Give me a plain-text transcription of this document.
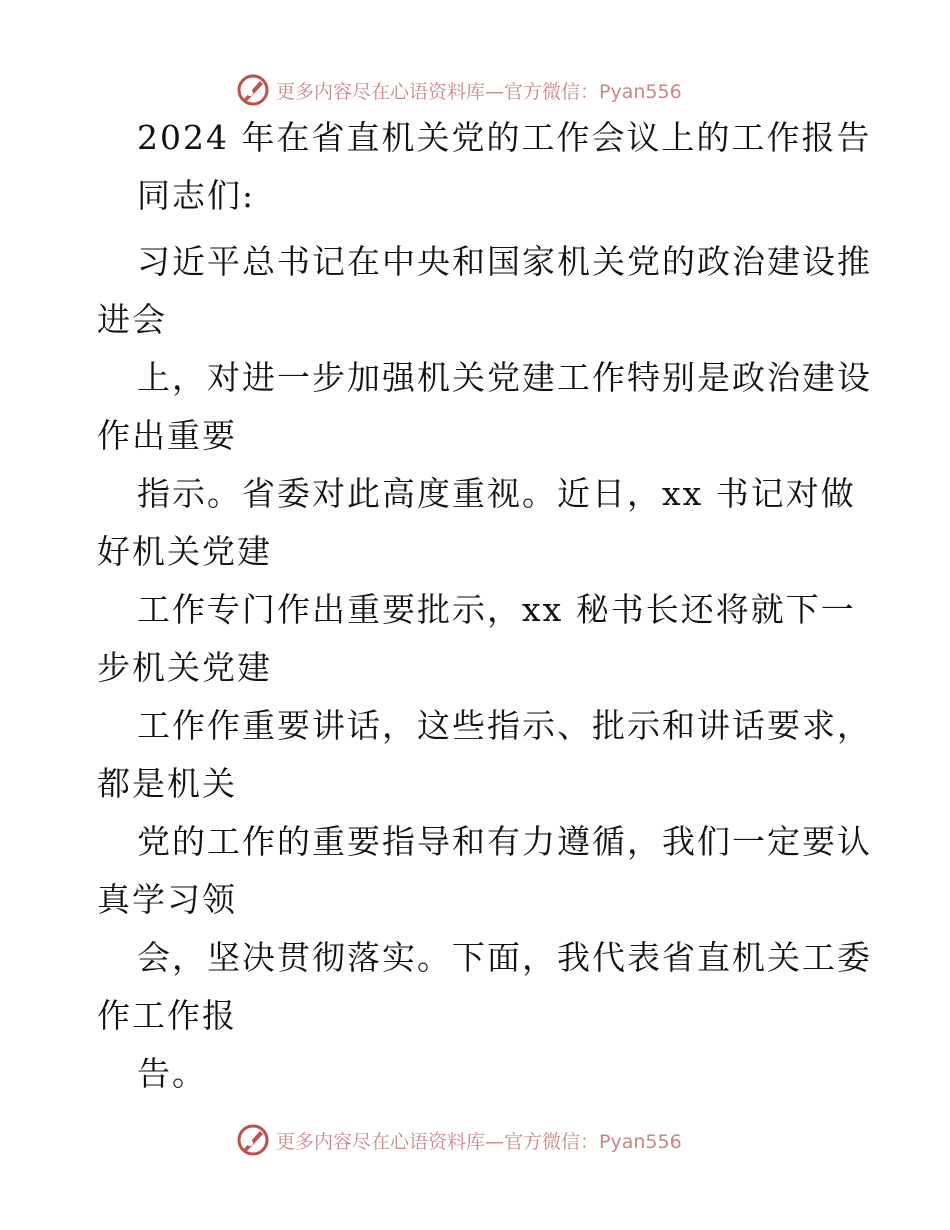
更多内容尽在心语资料库—官方微信：Pyan556
2024 年在省直机关党的工作会议上的工作报告
同志们:
习近平总书记在中央和国家机关党的政治建设推
进会
上，对进一步加强机关党建工作特别是政治建设
作出重要
指示。省委对此高度重视。近日，xx 书记对做
好机关党建
工作专门作出重要批示，xx 秘书长还将就下一
步机关党建
工作作重要讲话，这些指示、批示和讲话要求，
都是机关
党的工作的重要指导和有力遵循，我们一定要认
真学习领
会，坚决贯彻落实。下面，我代表省直机关工委
作工作报
告。
更多内容尽在心语资料库—官方微信：Pyan556
